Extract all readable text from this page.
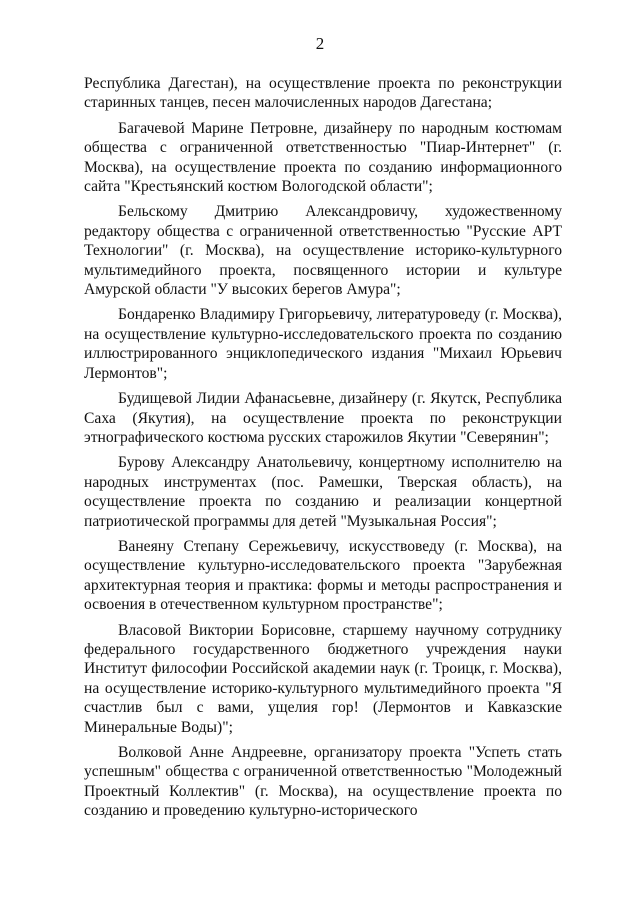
2

Республика Дагестан), на осуществление проекта по реконструкции старинных танцев, песен малочисленных народов Дагестана;

Багачевой Марине Петровне, дизайнеру по народным костюмам общества с ограниченной ответственностью "Пиар-Интернет" (г. Москва), на осуществление проекта по созданию информационного сайта "Крестьянский костюм Вологодской области";

Бельскому Дмитрию Александровичу, художественному редактору общества с ограниченной ответственностью "Русские АРТ Технологии" (г. Москва), на осуществление историко-культурного мультимедийного проекта, посвященного истории и культуре Амурской области "У высоких берегов Амура";

Бондаренко Владимиру Григорьевичу, литературоведу (г. Москва), на осуществление культурно-исследовательского проекта по созданию иллюстрированного энциклопедического издания "Михаил Юрьевич Лермонтов";

Будищевой Лидии Афанасьевне, дизайнеру (г. Якутск, Республика Саха (Якутия), на осуществление проекта по реконструкции этнографического костюма русских старожилов Якутии "Северянин";

Бурову Александру Анатольевичу, концертному исполнителю на народных инструментах (пос. Рамешки, Тверская область), на осуществление проекта по созданию и реализации концертной патриотической программы для детей "Музыкальная Россия";

Ванеяну Степану Сережьевичу, искусствоведу (г. Москва), на осуществление культурно-исследовательского проекта "Зарубежная архитектурная теория и практика: формы и методы распространения и освоения в отечественном культурном пространстве";

Власовой Виктории Борисовне, старшему научному сотруднику федерального государственного бюджетного учреждения науки Институт философии Российской академии наук (г. Троицк, г. Москва), на осуществление историко-культурного мультимедийного проекта "Я счастлив был с вами, ущелия гор! (Лермонтов и Кавказские Минеральные Воды)";

Волковой Анне Андреевне, организатору проекта "Успеть стать успешным" общества с ограниченной ответственностью "Молодежный Проектный Коллектив" (г. Москва), на осуществление проекта по созданию и проведению культурно-исторического
